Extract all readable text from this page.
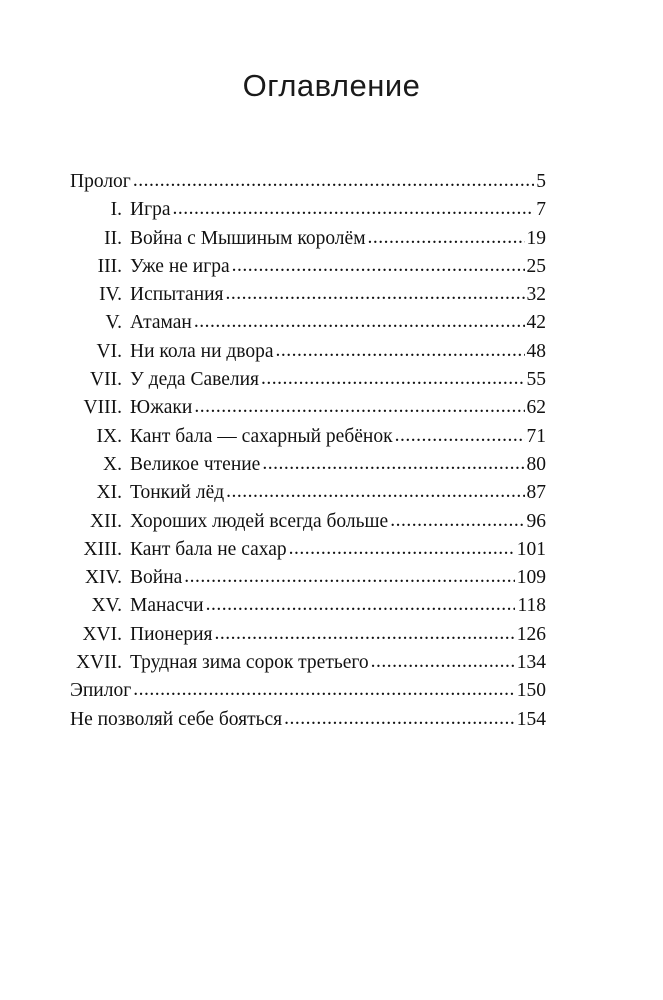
Оглавление
Пролог .....	5
I. Игра .....	7
II. Война с Мышиным королём .....	19
III. Уже не игра .....	25
IV. Испытания .....	32
V. Атаман .....	42
VI. Ни кола ни двора .....	48
VII. У деда Савелия .....	55
VIII. Южаки .....	62
IX. Кант бала — сахарный ребёнок .....	71
X. Великое чтение .....	80
XI. Тонкий лёд .....	87
XII. Хороших людей всегда больше .....	96
XIII. Кант бала не сахар .....	101
XIV. Война .....	109
XV. Манасчи .....	118
XVI. Пионерия .....	126
XVII. Трудная зима сорок третьего .....	134
Эпилог .....	150
Не позволяй себе бояться .....	154
